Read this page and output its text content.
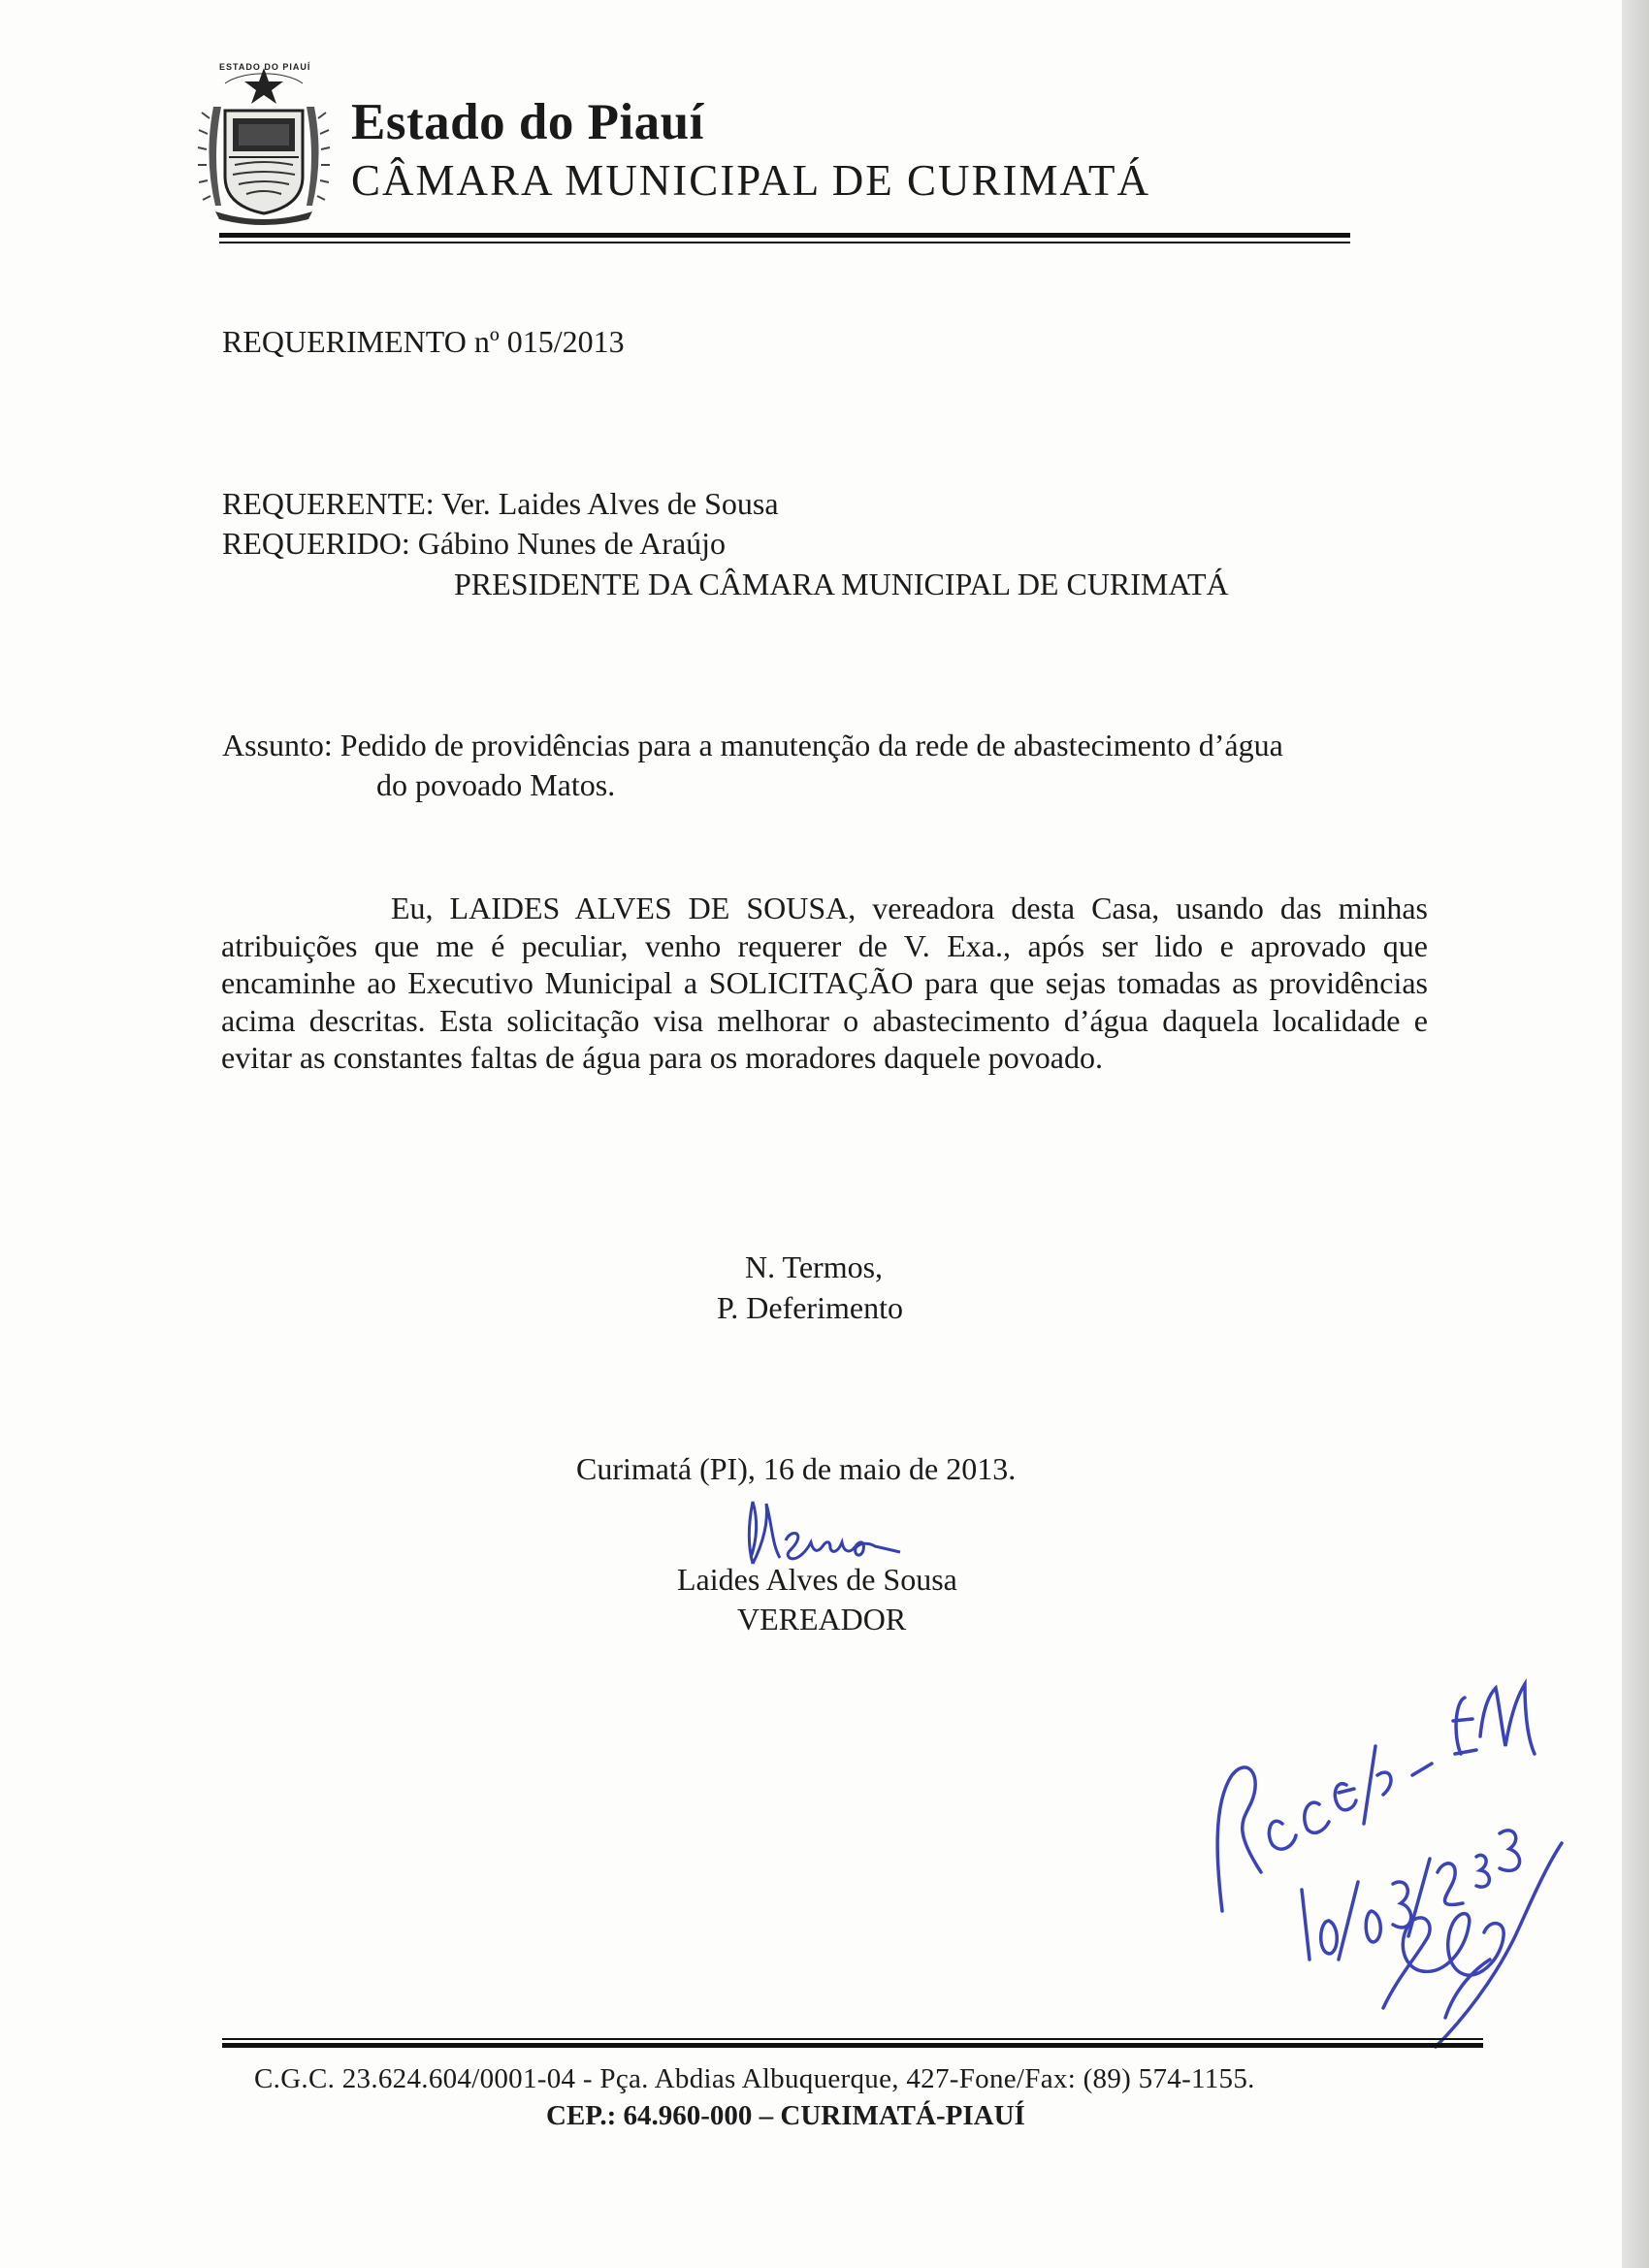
ESTADO DO PIAUÍ
Estado do Piauí
CÂMARA MUNICIPAL DE CURIMATÁ
REQUERIMENTO nº 015/2013
REQUERENTE: Ver. Laides Alves de Sousa
REQUERIDO: Gábino Nunes de Araújo
PRESIDENTE DA CÂMARA MUNICIPAL DE CURIMATÁ
Assunto: Pedido de providências para a manutenção da rede de abastecimento d’água
do povoado Matos.
Eu, LAIDES ALVES DE SOUSA, vereadora desta Casa, usando das minhas atribuições que me é peculiar, venho requerer de V. Exa., após ser lido e aprovado que encaminhe ao Executivo Municipal a SOLICITAÇÃO para que sejas tomadas as providências acima descritas. Esta solicitação visa melhorar o abastecimento d’água daquela localidade e evitar as constantes faltas de água para os moradores daquele povoado.
N. Termos,
P. Deferimento
Curimatá (PI), 16 de maio de 2013.
Laides Alves de Sousa
VEREADOR
C.G.C. 23.624.604/0001-04 - Pça. Abdias Albuquerque, 427-Fone/Fax: (89) 574-1155.
CEP.: 64.960-000 – CURIMATÁ-PIAUÍ
